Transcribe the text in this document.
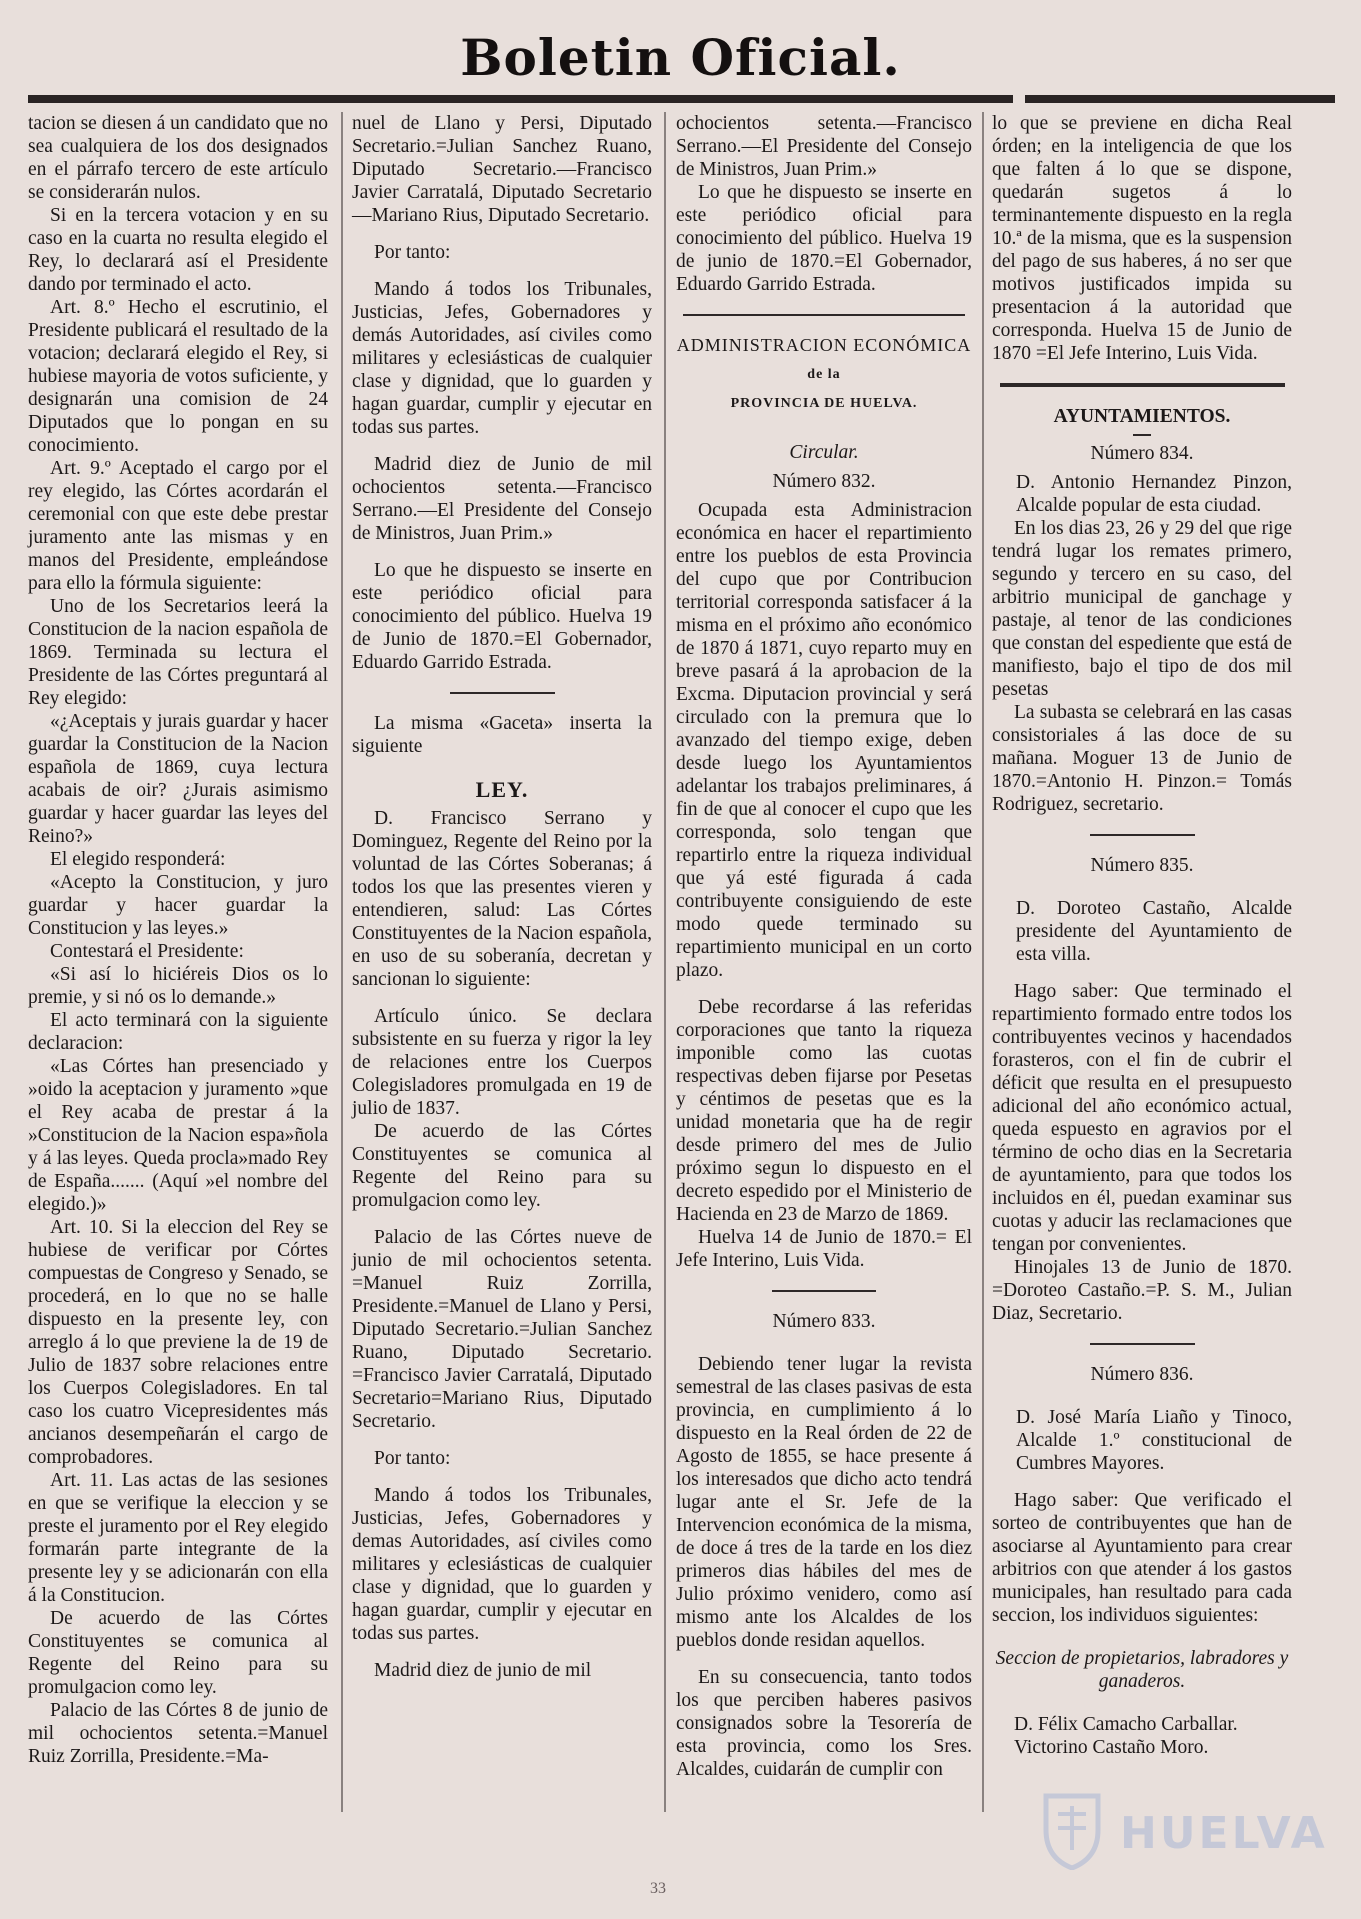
Boletin Oficial.

tacion se diesen á un candidato que no sea cualquiera de los dos designados en el párrafo tercero de este artículo se considerarán nulos.

Si en la tercera votacion y en su caso en la cuarta no resulta elegido el Rey, lo declarará así el Presidente dando por terminado el acto.

Art. 8.º Hecho el escrutinio, el Presidente publicará el resultado de la votacion; declarará elegido el Rey, si hubiese mayoria de votos suficiente, y designarán una comision de 24 Diputados que lo pongan en su conocimiento.

Art. 9.º Aceptado el cargo por el rey elegido, las Córtes acordarán el ceremonial con que este debe prestar juramento ante las mismas y en manos del Presidente, empleándose para ello la fórmula siguiente:

Uno de los Secretarios leerá la Constitucion de la nacion española de 1869. Terminada su lectura el Presidente de las Córtes preguntará al Rey elegido:

«¿Aceptais y jurais guardar y hacer guardar la Constitucion de la Nacion española de 1869, cuya lectura acabais de oir? ¿Jurais asimismo guardar y hacer guardar las leyes del Reino?»

El elegido responderá:

«Acepto la Constitucion, y juro guardar y hacer guardar la Constitucion y las leyes.»

Contestará el Presidente:

«Si así lo hiciéreis Dios os lo premie, y si nó os lo demande.»

El acto terminará con la siguiente declaracion:

«Las Córtes han presenciado y »oido la aceptacion y juramento »que el Rey acaba de prestar á la »Constitucion de la Nacion espa»ñola y á las leyes. Queda procla»mado Rey de España....... (Aquí »el nombre del elegido.)»

Art. 10. Si la eleccion del Rey se hubiese de verificar por Córtes compuestas de Congreso y Senado, se procederá, en lo que no se halle dispuesto en la presente ley, con arreglo á lo que previene la de 19 de Julio de 1837 sobre relaciones entre los Cuerpos Colegisladores. En tal caso los cuatro Vicepresidentes más ancianos desempeñarán el cargo de comprobadores.

Art. 11. Las actas de las sesiones en que se verifique la eleccion y se preste el juramento por el Rey elegido formarán parte integrante de la presente ley y se adicionarán con ella á la Constitucion.

De acuerdo de las Córtes Constituyentes se comunica al Regente del Reino para su promulgacion como ley.

Palacio de las Córtes 8 de junio de mil ochocientos setenta.=Manuel Ruiz Zorrilla, Presidente.=Ma-

nuel de Llano y Persi, Diputado Secretario.=Julian Sanchez Ruano, Diputado Secretario.—Francisco Javier Carratalá, Diputado Secretario —Mariano Rius, Diputado Secretario.

Por tanto:

Mando á todos los Tribunales, Justicias, Jefes, Gobernadores y demás Autoridades, así civiles como militares y eclesiásticas de cualquier clase y dignidad, que lo guarden y hagan guardar, cumplir y ejecutar en todas sus partes.

Madrid diez de Junio de mil ochocientos setenta.—Francisco Serrano.—El Presidente del Consejo de Ministros, Juan Prim.»

Lo que he dispuesto se inserte en este periódico oficial para conocimiento del público. Huelva 19 de Junio de 1870.=El Gobernador, Eduardo Garrido Estrada.

La misma «Gaceta» inserta la siguiente

LEY.

D. Francisco Serrano y Dominguez, Regente del Reino por la voluntad de las Córtes Soberanas; á todos los que las presentes vieren y entendieren, salud: Las Córtes Constituyentes de la Nacion española, en uso de su soberanía, decretan y sancionan lo siguiente:

Artículo único. Se declara subsistente en su fuerza y rigor la ley de relaciones entre los Cuerpos Colegisladores promulgada en 19 de julio de 1837.

De acuerdo de las Córtes Constituyentes se comunica al Regente del Reino para su promulgacion como ley.

Palacio de las Córtes nueve de junio de mil ochocientos setenta. =Manuel Ruiz Zorrilla, Presidente.=Manuel de Llano y Persi, Diputado Secretario.=Julian Sanchez Ruano, Diputado Secretario. =Francisco Javier Carratalá, Diputado Secretario=Mariano Rius, Diputado Secretario.

Por tanto:

Mando á todos los Tribunales, Justicias, Jefes, Gobernadores y demas Autoridades, así civiles como militares y eclesiásticas de cualquier clase y dignidad, que lo guarden y hagan guardar, cumplir y ejecutar en todas sus partes.

Madrid diez de junio de mil

ochocientos setenta.—Francisco Serrano.—El Presidente del Consejo de Ministros, Juan Prim.»

Lo que he dispuesto se inserte en este periódico oficial para conocimiento del público. Huelva 19 de junio de 1870.=El Gobernador, Eduardo Garrido Estrada.

ADMINISTRACION ECONÓMICA
de la
PROVINCIA DE HUELVA.
Circular.
Número 832.

Ocupada esta Administracion económica en hacer el repartimiento entre los pueblos de esta Provincia del cupo que por Contribucion territorial corresponda satisfacer á la misma en el próximo año económico de 1870 á 1871, cuyo reparto muy en breve pasará á la aprobacion de la Excma. Diputacion provincial y será circulado con la premura que lo avanzado del tiempo exige, deben desde luego los Ayuntamientos adelantar los trabajos preliminares, á fin de que al conocer el cupo que les corresponda, solo tengan que repartirlo entre la riqueza individual que yá esté figurada á cada contribuyente consiguiendo de este modo quede terminado su repartimiento municipal en un corto plazo.

Debe recordarse á las referidas corporaciones que tanto la riqueza imponible como las cuotas respectivas deben fijarse por Pesetas y céntimos de pesetas que es la unidad monetaria que ha de regir desde primero del mes de Julio próximo segun lo dispuesto en el decreto espedido por el Ministerio de Hacienda en 23 de Marzo de 1869.

Huelva 14 de Junio de 1870.= El Jefe Interino, Luis Vida.

Número 833.

Debiendo tener lugar la revista semestral de las clases pasivas de esta provincia, en cumplimiento á lo dispuesto en la Real órden de 22 de Agosto de 1855, se hace presente á los interesados que dicho acto tendrá lugar ante el Sr. Jefe de la Intervencion económica de la misma, de doce á tres de la tarde en los diez primeros dias hábiles del mes de Julio próximo venidero, como así mismo ante los Alcaldes de los pueblos donde residan aquellos.

En su consecuencia, tanto todos los que perciben haberes pasivos consignados sobre la Tesorería de esta provincia, como los Sres. Alcaldes, cuidarán de cumplir con

lo que se previene en dicha Real órden; en la inteligencia de que los que falten á lo que se dispone, quedarán sugetos á lo terminantemente dispuesto en la regla 10.ª de la misma, que es la suspension del pago de sus haberes, á no ser que motivos justificados impida su presentacion á la autoridad que corresponda. Huelva 15 de Junio de 1870 =El Jefe Interino, Luis Vida.

AYUNTAMIENTOS.
Número 834.

D. Antonio Hernandez Pinzon, Alcalde popular de esta ciudad.

En los dias 23, 26 y 29 del que rige tendrá lugar los remates primero, segundo y tercero en su caso, del arbitrio municipal de ganchage y pastaje, al tenor de las condiciones que constan del espediente que está de manifiesto, bajo el tipo de dos mil pesetas

La subasta se celebrará en las casas consistoriales á las doce de su mañana. Moguer 13 de Junio de 1870.=Antonio H. Pinzon.= Tomás Rodriguez, secretario.

Número 835.

D. Doroteo Castaño, Alcalde presidente del Ayuntamiento de esta villa.

Hago saber: Que terminado el repartimiento formado entre todos los contribuyentes vecinos y hacendados forasteros, con el fin de cubrir el déficit que resulta en el presupuesto adicional del año económico actual, queda espuesto en agravios por el término de ocho dias en la Secretaria de ayuntamiento, para que todos los incluidos en él, puedan examinar sus cuotas y aducir las reclamaciones que tengan por convenientes.

Hinojales 13 de Junio de 1870. =Doroteo Castaño.=P. S. M., Julian Diaz, Secretario.

Número 836.

D. José María Liaño y Tinoco, Alcalde 1.º constitucional de Cumbres Mayores.

Hago saber: Que verificado el sorteo de contribuyentes que han de asociarse al Ayuntamiento para crear arbitrios con que atender á los gastos municipales, han resultado para cada seccion, los individuos siguientes:

Seccion de propietarios, labradores y ganaderos.

D. Félix Camacho Carballar.

Victorino Castaño Moro.

HUELVA
33
